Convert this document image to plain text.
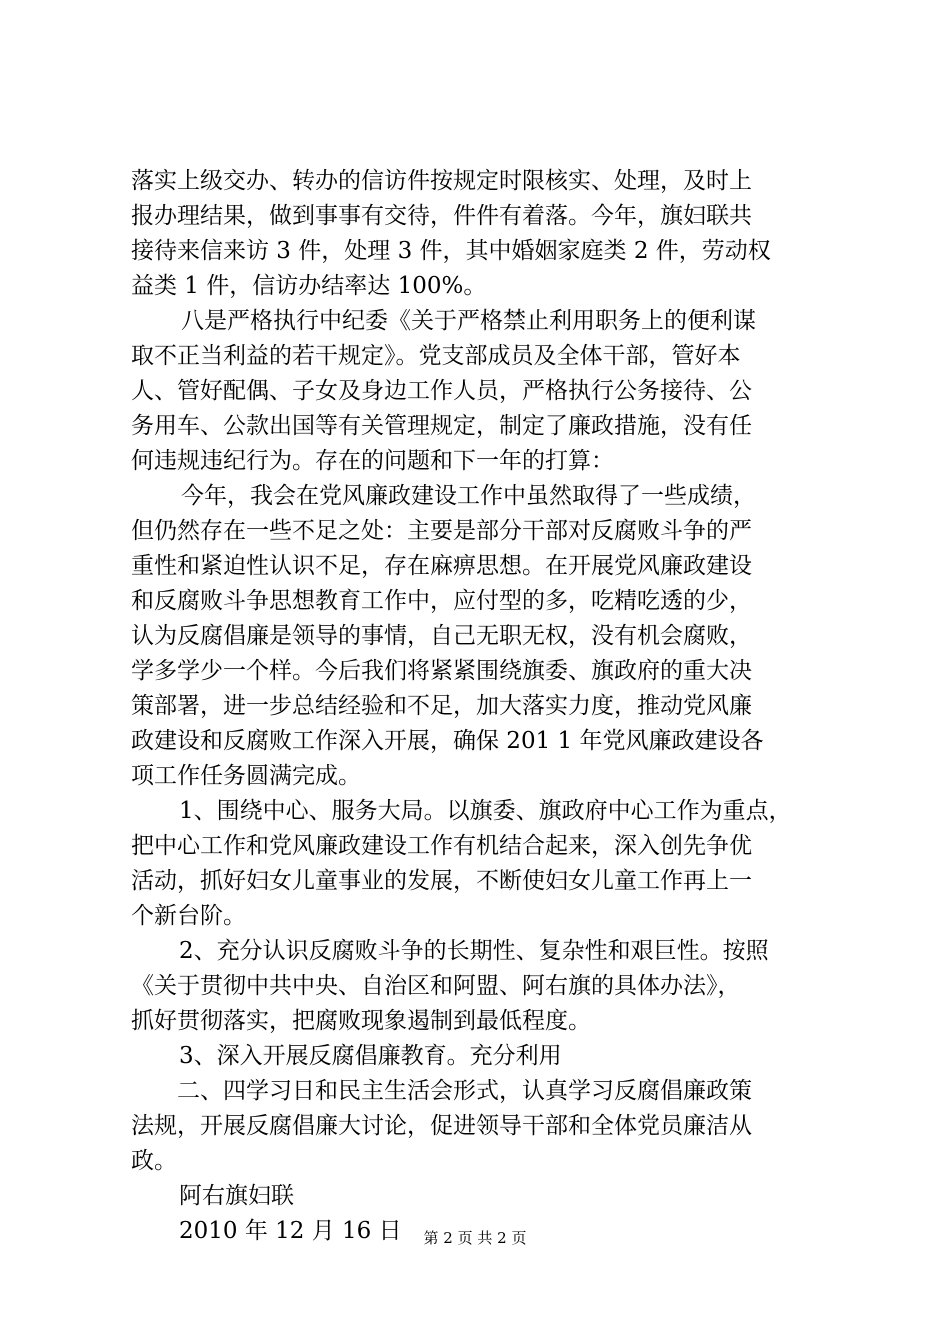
落实上级交办、转办的信访件按规定时限核实、处理，及时上
报办理结果，做到事事有交待，件件有着落。今年，旗妇联共
接待来信来访 3 件，处理 3 件，其中婚姻家庭类 2 件，劳动权
益类 1 件，信访办结率达 100%。
八是严格执行中纪委《关于严格禁止利用职务上的便利谋
取不正当利益的若干规定》。党支部成员及全体干部，管好本
人、管好配偶、子女及身边工作人员，严格执行公务接待、公
务用车、公款出国等有关管理规定，制定了廉政措施，没有任
何违规违纪行为。存在的问题和下一年的打算：
今年，我会在党风廉政建设工作中虽然取得了一些成绩，
但仍然存在一些不足之处：主要是部分干部对反腐败斗争的严
重性和紧迫性认识不足，存在麻痹思想。在开展党风廉政建设
和反腐败斗争思想教育工作中，应付型的多，吃精吃透的少，
认为反腐倡廉是领导的事情，自己无职无权，没有机会腐败，
学多学少一个样。今后我们将紧紧围绕旗委、旗政府的重大决
策部署，进一步总结经验和不足，加大落实力度，推动党风廉
政建设和反腐败工作深入开展，确保 201 1 年党风廉政建设各
项工作任务圆满完成。
1、围绕中心、服务大局。以旗委、旗政府中心工作为重点，
把中心工作和党风廉政建设工作有机结合起来，深入创先争优
活动，抓好妇女儿童事业的发展，不断使妇女儿童工作再上一
个新台阶。
2、充分认识反腐败斗争的长期性、复杂性和艰巨性。按照
《关于贯彻中共中央、自治区和阿盟、阿右旗的具体办法》，
抓好贯彻落实，把腐败现象遏制到最低程度。
3、深入开展反腐倡廉教育。充分利用
二、四学习日和民主生活会形式，认真学习反腐倡廉政策
法规，开展反腐倡廉大讨论，促进领导干部和全体党员廉洁从
政。
阿右旗妇联
2010 年 12 月 16 日	第 2 页 共 2 页
